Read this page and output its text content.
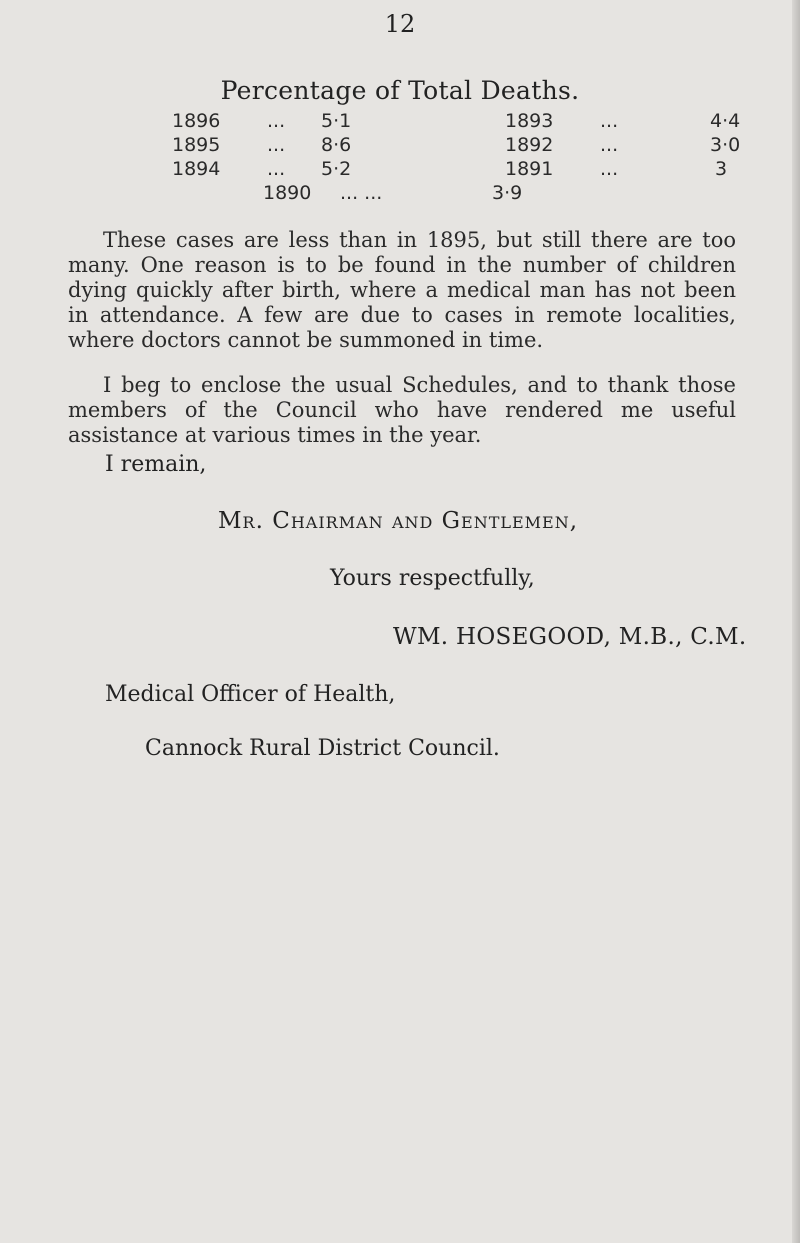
12
Percentage of Total Deaths.
1896 ... 5·1	1893 ...	4·4
1895 ... 8·6	1892 ...	3·0
1894 ... 5·2	1891 ...	3
1890 ... ...	3·9
These cases are less than in 1895, but still there are too many. One reason is to be found in the number of children dying quickly after birth, where a medical man has not been in attendance. A few are due to cases in remote localities, where doctors cannot be summoned in time.
I beg to enclose the usual Schedules, and to thank those members of the Council who have rendered me useful assistance at various times in the year.
I remain,
Mr. Chairman and Gentlemen,
Yours respectfully,
WM. HOSEGOOD, M.B., C.M.
Medical Officer of Health,
Cannock Rural District Council.
